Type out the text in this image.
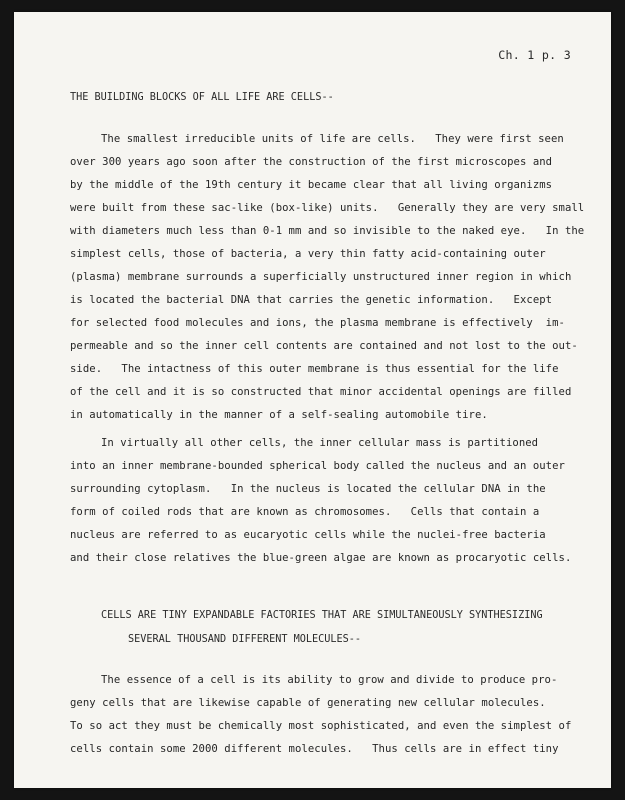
Ch. 1 p. 3
THE BUILDING BLOCKS OF ALL LIFE ARE CELLS--
The smallest irreducible units of life are cells.   They were first seen
over 300 years ago soon after the construction of the first microscopes and
by the middle of the 19th century it became clear that all living organizms
were built from these sac-like (box-like) units.   Generally they are very small
with diameters much less than 0-1 mm and so invisible to the naked eye.   In the
simplest cells, those of bacteria, a very thin fatty acid-containing outer
(plasma) membrane surrounds a superficially unstructured inner region in which
is located the bacterial DNA that carries the genetic information.   Except
for selected food molecules and ions, the plasma membrane is effectively  im-
permeable and so the inner cell contents are contained and not lost to the out-
side.   The intactness of this outer membrane is thus essential for the life
of the cell and it is so constructed that minor accidental openings are filled
in automatically in the manner of a self-sealing automobile tire.
In virtually all other cells, the inner cellular mass is partitioned
into an inner membrane-bounded spherical body called the nucleus and an outer
surrounding cytoplasm.   In the nucleus is located the cellular DNA in the
form of coiled rods that are known as chromosomes.   Cells that contain a
nucleus are referred to as eucaryotic cells while the nuclei-free bacteria
and their close relatives the blue-green algae are known as procaryotic cells.
CELLS ARE TINY EXPANDABLE FACTORIES THAT ARE SIMULTANEOUSLY SYNTHESIZING
SEVERAL THOUSAND DIFFERENT MOLECULES--
The essence of a cell is its ability to grow and divide to produce pro-
geny cells that are likewise capable of generating new cellular molecules.
To so act they must be chemically most sophisticated, and even the simplest of
cells contain some 2000 different molecules.   Thus cells are in effect tiny
